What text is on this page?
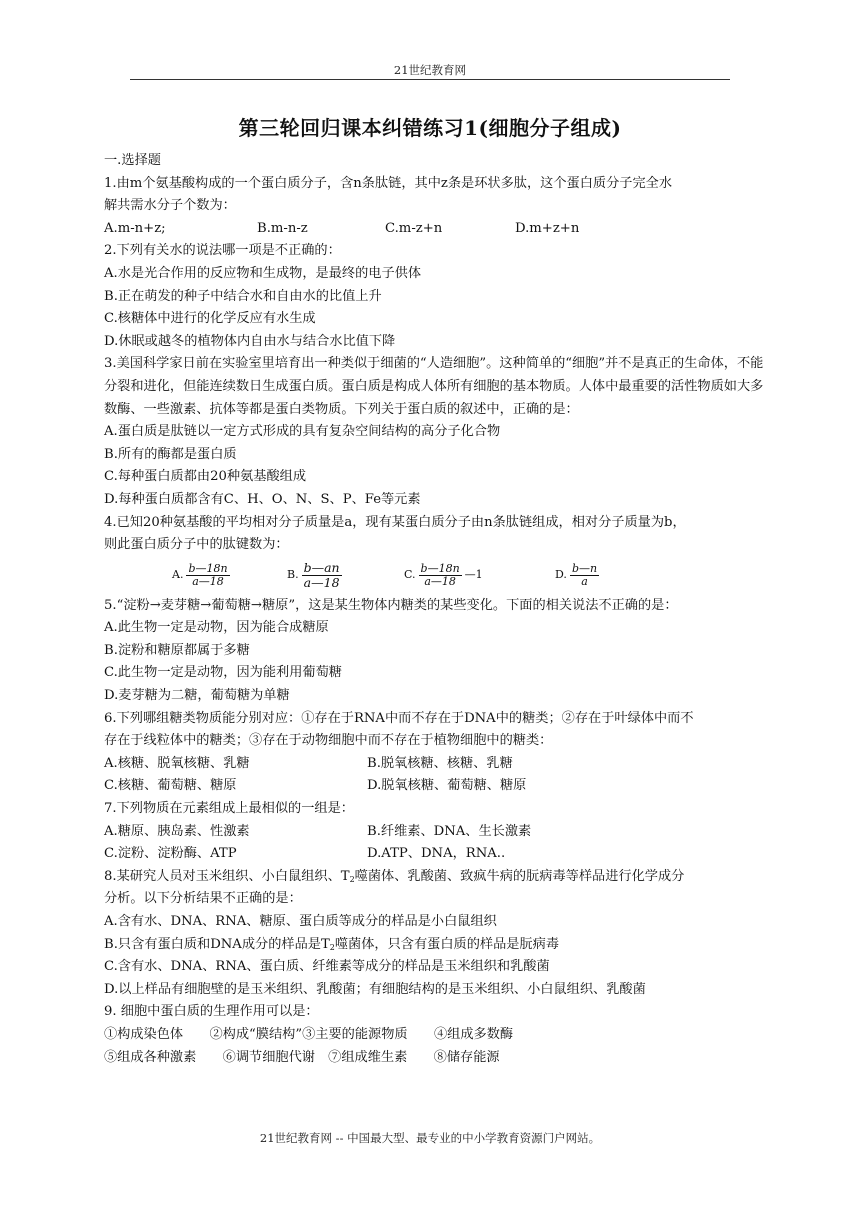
21世纪教育网
第三轮回归课本纠错练习1(细胞分子组成)
一.选择题
1.由m个氨基酸构成的一个蛋白质分子，含n条肽链，其中z条是环状多肽，这个蛋白质分子完全水
解共需水分子个数为：
A.m-n+z;	B.m-n-z	C.m-z+n	D.m+z+n
2.下列有关水的说法哪一项是不正确的：
A.水是光合作用的反应物和生成物，是最终的电子供体
B.正在萌发的种子中结合水和自由水的比值上升
C.核糖体中进行的化学反应有水生成
D.休眠或越冬的植物体内自由水与结合水比值下降
3.美国科学家日前在实验室里培育出一种类似于细菌的“人造细胞”。这种简单的“细胞”并不是真正的生命体，不能分裂和进化，但能连续数日生成蛋白质。蛋白质是构成人体所有细胞的基本物质。人体中最重要的活性物质如大多数酶、一些激素、抗体等都是蛋白类物质。下列关于蛋白质的叙述中，正确的是：
A.蛋白质是肽链以一定方式形成的具有复杂空间结构的高分子化合物
B.所有的酶都是蛋白质
C.每种蛋白质都由20种氨基酸组成
D.每种蛋白质都含有C、H、O、N、S、P、Fe等元素
4.已知20种氨基酸的平均相对分子质量是a，现有某蛋白质分子由n条肽链组成，相对分子质量为b，
则此蛋白质分子中的肽键数为：
A. $\frac{b—18n}{a—18}$	B. $\frac{b—an}{a—18}$	C. $\frac{b—18n}{a—18}$ —1	D. $\frac{b—n}{a}$
5.“淀粉→麦芽糖→葡萄糖→糖原”，这是某生物体内糖类的某些变化。下面的相关说法不正确的是：
A.此生物一定是动物，因为能合成糖原
B.淀粉和糖原都属于多糖
C.此生物一定是动物，因为能利用葡萄糖
D.麦芽糖为二糖，葡萄糖为单糖
6.下列哪组糖类物质能分别对应：①存在于RNA中而不存在于DNA中的糖类；②存在于叶绿体中而不
存在于线粒体中的糖类；③存在于动物细胞中而不存在于植物细胞中的糖类：
A.核糖、脱氧核糖、乳糖	B.脱氧核糖、核糖、乳糖
C.核糖、葡萄糖、糖原	D.脱氧核糖、葡萄糖、糖原
7.下列物质在元素组成上最相似的一组是：
A.糖原、胰岛素、性激素	B.纤维素、DNA、生长激素
C.淀粉、淀粉酶、ATP	D.ATP、DNA，RNA..
8.某研究人员对玉米组织、小白鼠组织、$T_2$噬菌体、乳酸菌、致疯牛病的朊病毒等样品进行化学成分
分析。以下分析结果不正确的是：
A.含有水、DNA、RNA、糖原、蛋白质等成分的样品是小白鼠组织
B.只含有蛋白质和DNA成分的样品是$T_2$噬菌体，只含有蛋白质的样品是朊病毒
C.含有水、DNA、RNA、蛋白质、纤维素等成分的样品是玉米组织和乳酸菌
D.以上样品有细胞壁的是玉米组织、乳酸菌；有细胞结构的是玉米组织、小白鼠组织、乳酸菌
9. 细胞中蛋白质的生理作用可以是：
①构成染色体　　②构成“膜结构”③主要的能源物质　　④组成多数酶
⑤组成各种激素　　⑥调节细胞代谢　⑦组成维生素　　⑧储存能源
21世纪教育网 -- 中国最大型、最专业的中小学教育资源门户网站。
